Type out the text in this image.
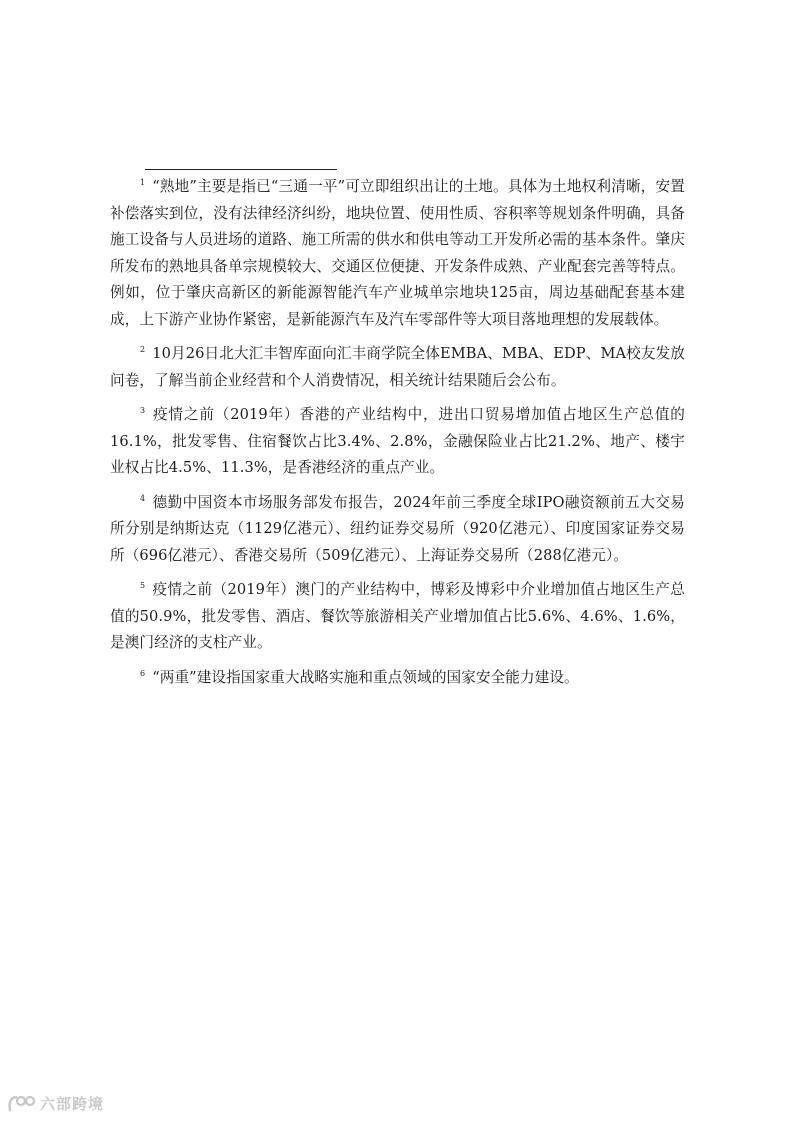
$^1$ “熟地”主要是指已“三通一平”可立即组织出让的土地。具体为土地权利清晰，安置补偿落实到位，没有法律经济纠纷，地块位置、使用性质、容积率等规划条件明确，具备施工设备与人员进场的道路、施工所需的供水和供电等动工开发所必需的基本条件。肇庆所发布的熟地具备单宗规模较大、交通区位便捷、开发条件成熟、产业配套完善等特点。例如，位于肇庆高新区的新能源智能汽车产业城单宗地块125亩，周边基础配套基本建成，上下游产业协作紧密，是新能源汽车及汽车零部件等大项目落地理想的发展载体。

$^2$ 10月26日北大汇丰智库面向汇丰商学院全体EMBA、MBA、EDP、MA校友发放问卷，了解当前企业经营和个人消费情况，相关统计结果随后会公布。

$^3$ 疫情之前（2019年）香港的产业结构中，进出口贸易增加值占地区生产总值的16.1%，批发零售、住宿餐饮占比3.4%、2.8%，金融保险业占比21.2%、地产、楼宇业权占比4.5%、11.3%，是香港经济的重点产业。

$^4$ 德勤中国资本市场服务部发布报告，2024年前三季度全球IPO融资额前五大交易所分别是纳斯达克（1129亿港元）、纽约证券交易所（920亿港元）、印度国家证券交易所（696亿港元）、香港交易所（509亿港元）、上海证券交易所（288亿港元）。

$^5$ 疫情之前（2019年）澳门的产业结构中，博彩及博彩中介业增加值占地区生产总值的50.9%，批发零售、酒店、餐饮等旅游相关产业增加值占比5.6%、4.6%、1.6%，是澳门经济的支柱产业。

$^6$ “两重”建设指国家重大战略实施和重点领域的国家安全能力建设。

六部跨境
